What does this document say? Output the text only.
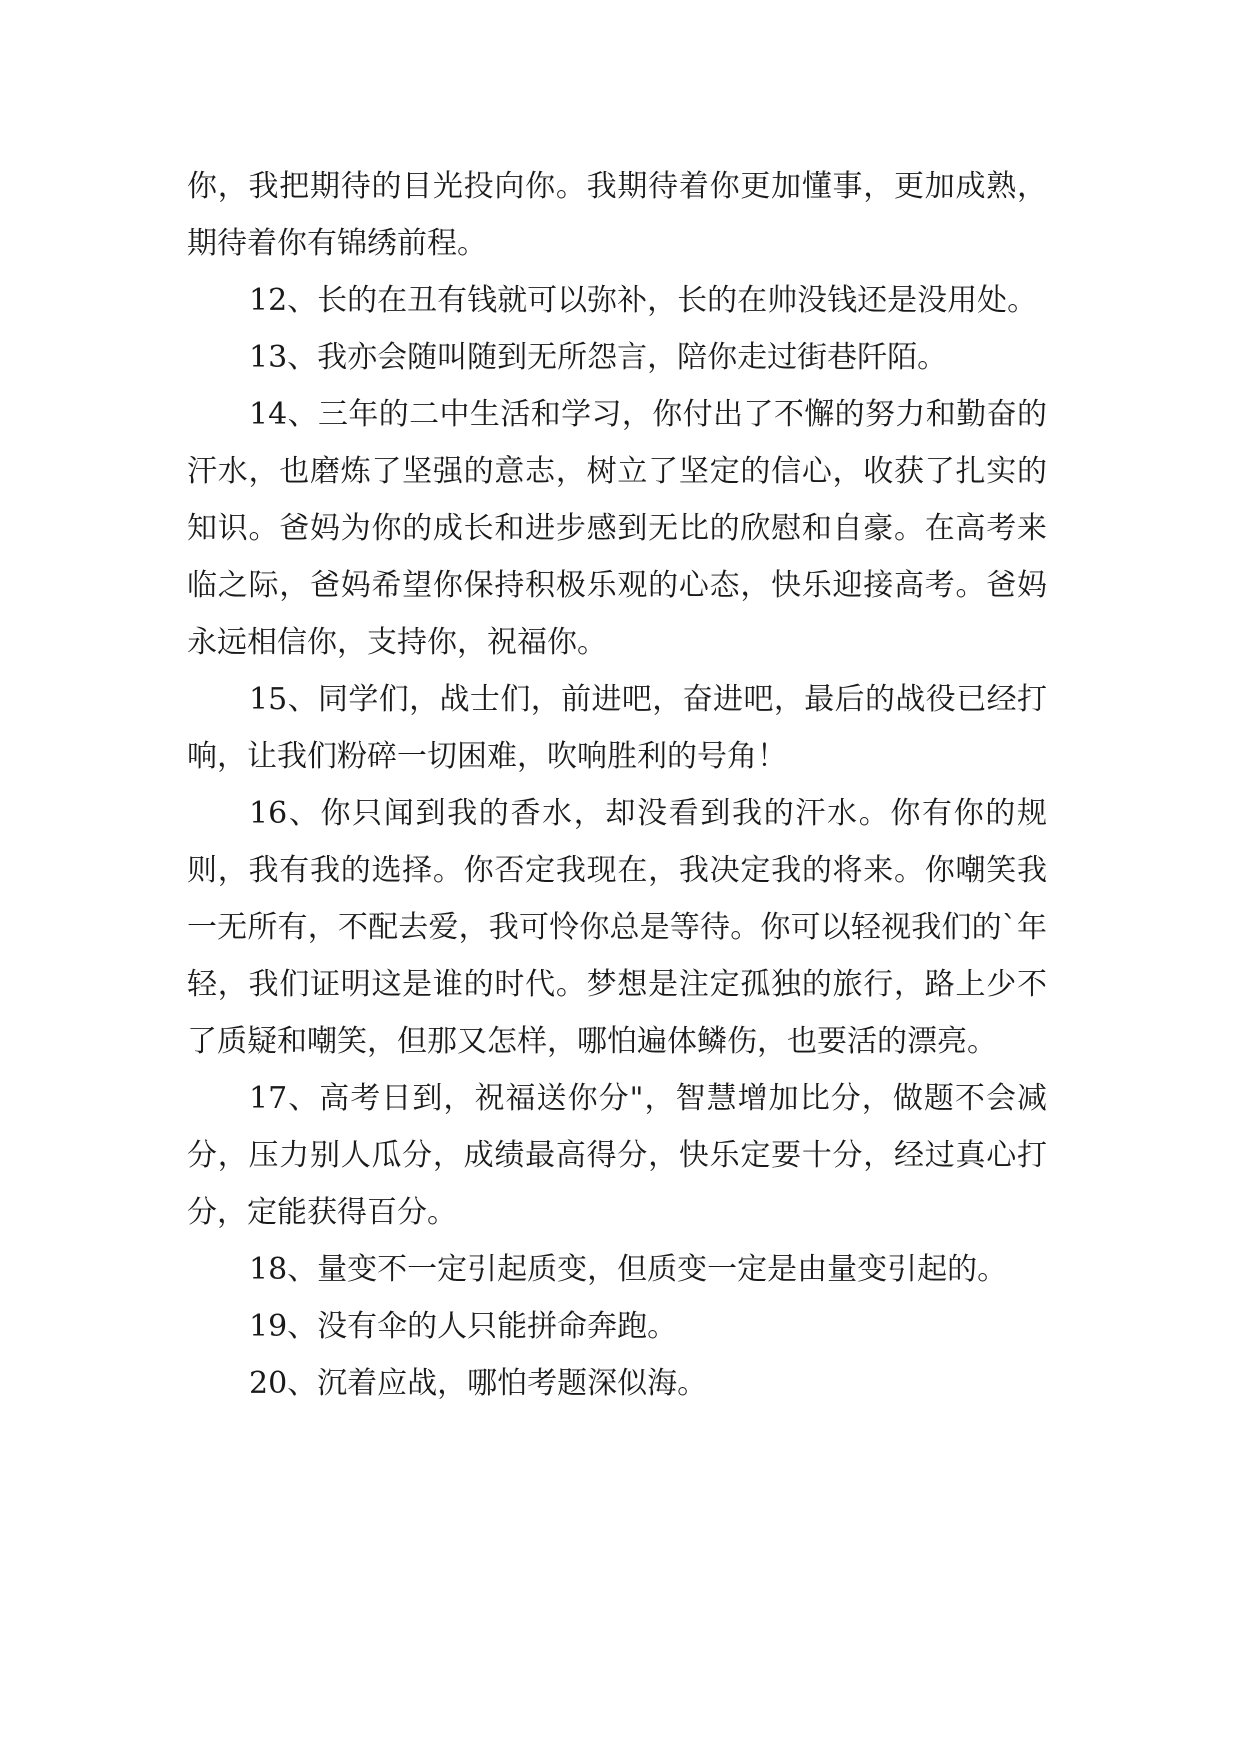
你，我把期待的目光投向你。我期待着你更加懂事，更加成熟，期待着你有锦绣前程。

12、长的在丑有钱就可以弥补，长的在帅没钱还是没用处。

13、我亦会随叫随到无所怨言，陪你走过街巷阡陌。

14、三年的二中生活和学习，你付出了不懈的努力和勤奋的汗水，也磨炼了坚强的意志，树立了坚定的信心，收获了扎实的知识。爸妈为你的成长和进步感到无比的欣慰和自豪。在高考来临之际，爸妈希望你保持积极乐观的心态，快乐迎接高考。爸妈永远相信你，支持你，祝福你。

15、同学们，战士们，前进吧，奋进吧，最后的战役已经打响，让我们粉碎一切困难，吹响胜利的号角！

16、你只闻到我的香水，却没看到我的汗水。你有你的规则，我有我的选择。你否定我现在，我决定我的将来。你嘲笑我一无所有，不配去爱，我可怜你总是等待。你可以轻视我们的`年轻，我们证明这是谁的时代。梦想是注定孤独的旅行，路上少不了质疑和嘲笑，但那又怎样，哪怕遍体鳞伤，也要活的漂亮。

17、高考日到，祝福送你分"，智慧增加比分，做题不会减分，压力别人瓜分，成绩最高得分，快乐定要十分，经过真心打分，定能获得百分。

18、量变不一定引起质变，但质变一定是由量变引起的。

19、没有伞的人只能拼命奔跑。

20、沉着应战，哪怕考题深似海。
